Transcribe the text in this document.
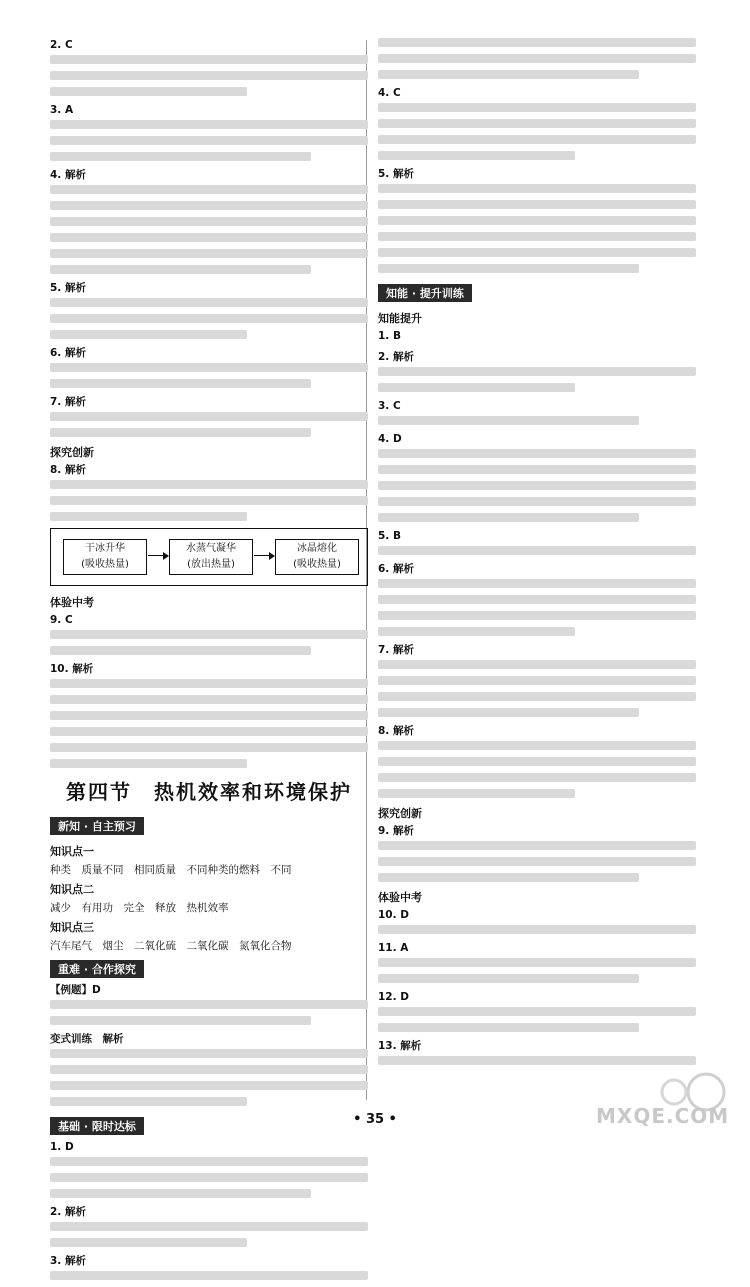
2. C
3. A
4. 解析
5. 解析
6. 解析
7. 解析
探究创新
8. 解析
干冰升华
(吸收热量)
水蒸气凝华
(放出热量)
冰晶熔化
(吸收热量)
体验中考
9. C
10. 解析
第四节　热机效率和环境保护
新知 · 自主预习
知识点一
种类　质量不同　相同质量　不同种类的燃料　不同
知识点二
减少　有用功　完全　释放　热机效率
知识点三
汽车尾气　烟尘　二氧化硫　二氧化碳　氮氧化合物
重难 · 合作探究
【例题】D
变式训练　解析
基础 · 限时达标
1. D
2. 解析
3. 解析
4. C
5. 解析
知能 · 提升训练
知能提升
1. B
2. 解析
3. C
4. D
5. B
6. 解析
7. 解析
8. 解析
探究创新
9. 解析
体验中考
10. D
11. A
12. D
13. 解析
• 35 •	MXQE.COM
